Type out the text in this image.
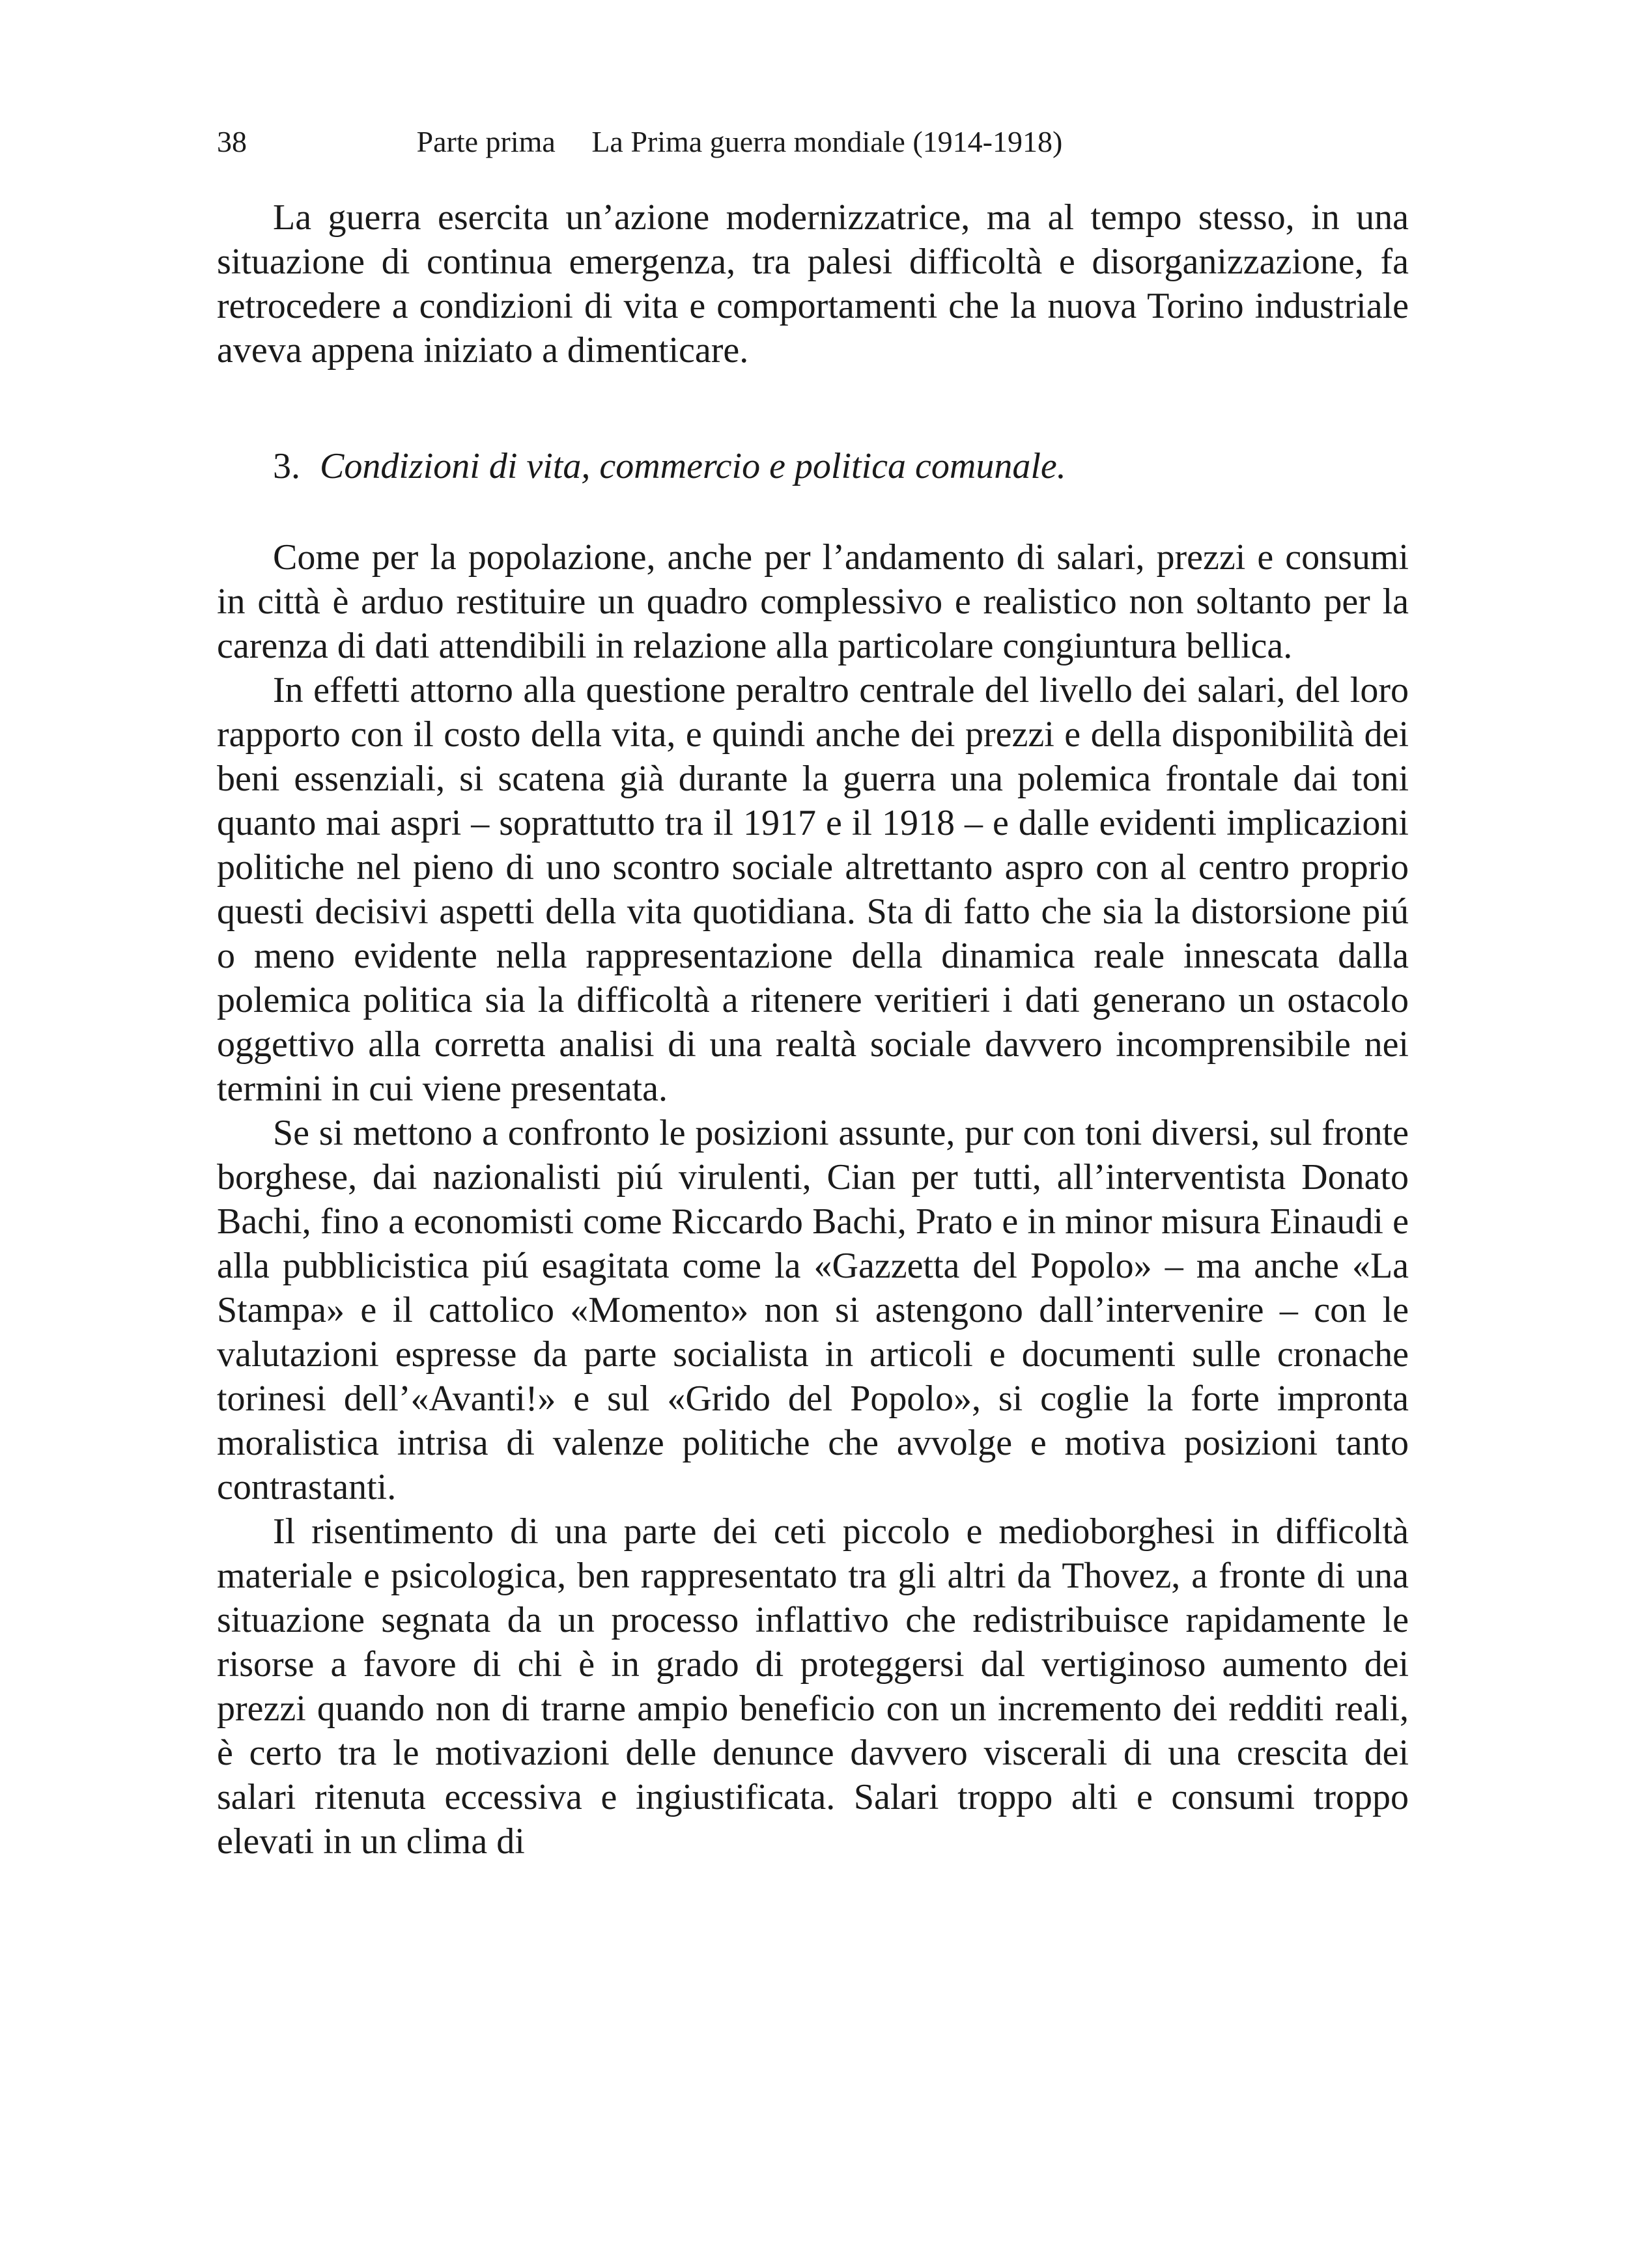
38	Parte prima La Prima guerra mondiale (1914-1918)

La guerra esercita un’azione modernizzatrice, ma al tempo stesso, in una situazione di continua emergenza, tra palesi difficoltà e disorganizzazione, fa retrocedere a condizioni di vita e comportamenti che la nuova Torino industriale aveva appena iniziato a dimenticare.

3. Condizioni di vita, commercio e politica comunale.

Come per la popolazione, anche per l’andamento di salari, prezzi e consumi in città è arduo restituire un quadro complessivo e realistico non soltanto per la carenza di dati attendibili in relazione alla particolare congiuntura bellica.

In effetti attorno alla questione peraltro centrale del livello dei salari, del loro rapporto con il costo della vita, e quindi anche dei prezzi e della disponibilità dei beni essenziali, si scatena già durante la guerra una polemica frontale dai toni quanto mai aspri – soprattutto tra il 1917 e il 1918 – e dalle evidenti implicazioni politiche nel pieno di uno scontro sociale altrettanto aspro con al centro proprio questi decisivi aspetti della vita quotidiana. Sta di fatto che sia la distorsione piú o meno evidente nella rappresentazione della dinamica reale innescata dalla polemica politica sia la difficoltà a ritenere veritieri i dati generano un ostacolo oggettivo alla corretta analisi di una realtà sociale davvero incomprensibile nei termini in cui viene presentata.

Se si mettono a confronto le posizioni assunte, pur con toni diversi, sul fronte borghese, dai nazionalisti piú virulenti, Cian per tutti, all’interventista Donato Bachi, fino a economisti come Riccardo Bachi, Prato e in minor misura Einaudi e alla pubblicistica piú esagitata come la «Gazzetta del Popolo» – ma anche «La Stampa» e il cattolico «Momento» non si astengono dall’intervenire – con le valutazioni espresse da parte socialista in articoli e documenti sulle cronache torinesi dell’«Avanti!» e sul «Grido del Popolo», si coglie la forte impronta moralistica intrisa di valenze politiche che avvolge e motiva posizioni tanto contrastanti.

Il risentimento di una parte dei ceti piccolo e medioborghesi in difficoltà materiale e psicologica, ben rappresentato tra gli altri da Thovez, a fronte di una situazione segnata da un processo inflattivo che redistribuisce rapidamente le risorse a favore di chi è in grado di proteggersi dal vertiginoso aumento dei prezzi quando non di trarne ampio beneficio con un incremento dei redditi reali, è certo tra le motivazioni delle denunce davvero viscerali di una crescita dei salari ritenuta eccessiva e ingiustificata. Salari troppo alti e consumi troppo elevati in un clima di
